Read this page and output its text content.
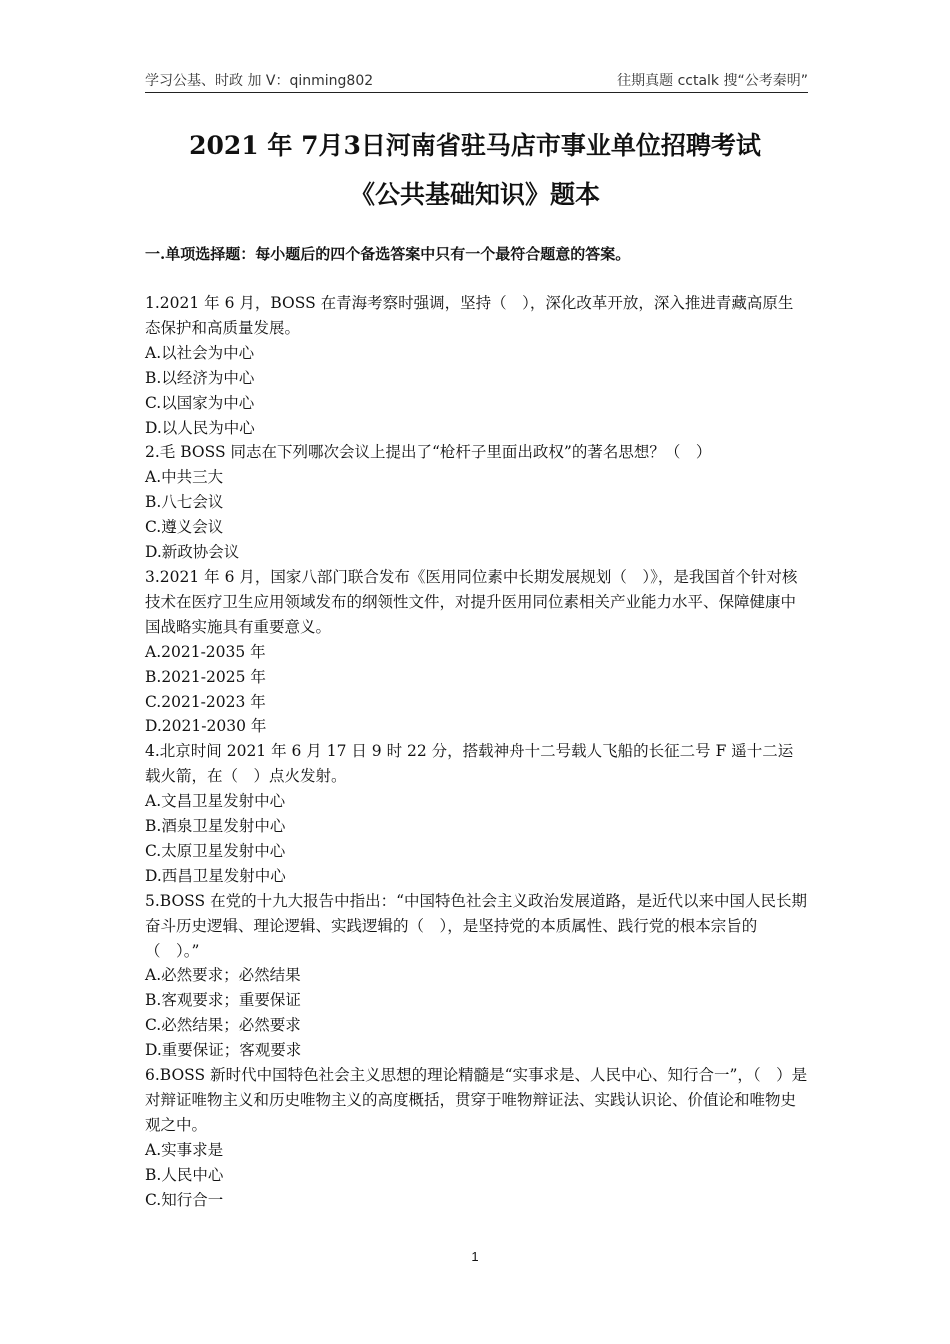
学习公基、时政 加 V：qinming802	往期真题 cctalk 搜“公考秦明”
2021 年 7月3日河南省驻马店市事业单位招聘考试
《公共基础知识》题本
一.单项选择题：每小题后的四个备选答案中只有一个最符合题意的答案。

1.2021 年 6 月，BOSS 在青海考察时强调，坚持（　），深化改革开放，深入推进青藏高原生态保护和高质量发展。

A.以社会为中心

B.以经济为中心

C.以国家为中心

D.以人民为中心

2.毛 BOSS 同志在下列哪次会议上提出了“枪杆子里面出政权”的著名思想？（　）

A.中共三大

B.八七会议

C.遵义会议

D.新政协会议

3.2021 年 6 月，国家八部门联合发布《医用同位素中长期发展规划（　）》，是我国首个针对核技术在医疗卫生应用领域发布的纲领性文件，对提升医用同位素相关产业能力水平、保障健康中国战略实施具有重要意义。

A.2021-2035 年

B.2021-2025 年

C.2021-2023 年

D.2021-2030 年

4.北京时间 2021 年 6 月 17 日 9 时 22 分，搭载神舟十二号载人飞船的长征二号 F 遥十二运载火箭，在（　）点火发射。

A.文昌卫星发射中心

B.酒泉卫星发射中心

C.太原卫星发射中心

D.西昌卫星发射中心

5.BOSS 在党的十九大报告中指出：“中国特色社会主义政治发展道路，是近代以来中国人民长期奋斗历史逻辑、理论逻辑、实践逻辑的（　），是坚持党的本质属性、践行党的根本宗旨的（　）。”

A.必然要求；必然结果

B.客观要求；重要保证

C.必然结果；必然要求

D.重要保证；客观要求

6.BOSS 新时代中国特色社会主义思想的理论精髓是“实事求是、人民中心、知行合一”，（　）是对辩证唯物主义和历史唯物主义的高度概括，贯穿于唯物辩证法、实践认识论、价值论和唯物史观之中。

A.实事求是

B.人民中心

C.知行合一

1
